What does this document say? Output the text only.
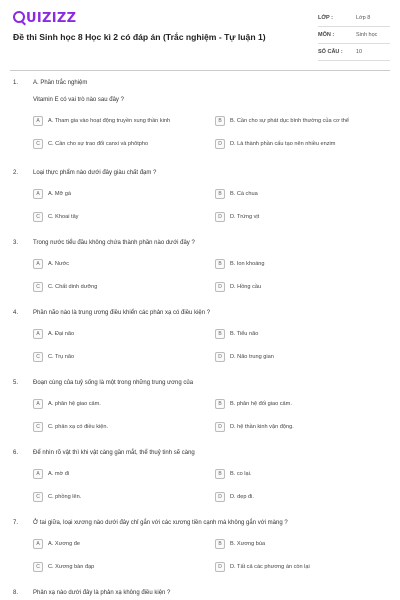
UIZIZZ
Đề thi Sinh học 8 Học kì 2 có đáp án (Trắc nghiệm - Tự luận 1)
LỚP :	Lớp 8
MÔN :	Sinh học
SỐ CÂU :	10
1. A. Phần trắc nghiệm
Vitamin E có vai trò nào sau đây ?
A	A. Tham gia vào hoạt động truyền xung thần kinh	B	B. Cần cho sự phát dục bình thường của cơ thể
C	C. Cần cho sự trao đổi canxi và phôtpho	D	D. Là thành phần cấu tạo nên nhiều enzim
2. Loại thực phẩm nào dưới đây giàu chất đạm ?
A	A. Mỡ gà	B	B. Cà chua
C	C. Khoai tây	D	D. Trứng vịt
3. Trong nước tiểu đầu không chứa thành phần nào dưới đây ?
A	A. Nước	B	B. Ion khoáng
C	C. Chất dinh dưỡng	D	D. Hồng cầu
4. Phần não nào là trung ương điều khiển các phản xạ có điều kiện ?
A	A. Đại não	B	B. Tiểu não
C	C. Trụ não	D	D. Não trung gian
5. Đoạn cùng của tuỷ sống là một trong những trung ương của
A	A. phân hệ giao cảm.	B	B. phân hệ đối giao cảm.
C	C. phản xạ có điều kiện.	D	D. hệ thần kinh vận động.
6. Để nhìn rõ vật thì khi vật càng gần mắt, thể thuỷ tinh sẽ càng
A	A. mờ đi	B	B. co lại.
C	C. phồng lên.	D	D. dẹp đi.
7. Ở tai giữa, loại xương nào dưới đây chỉ gắn với các xương tiền cạnh mà không gắn với màng ?
A	A. Xương đe	B	B. Xương búa
C	C. Xương bàn đạp	D	D. Tất cả các phương án còn lại
8. Phản xạ nào dưới đây là phản xạ không điều kiện ?
